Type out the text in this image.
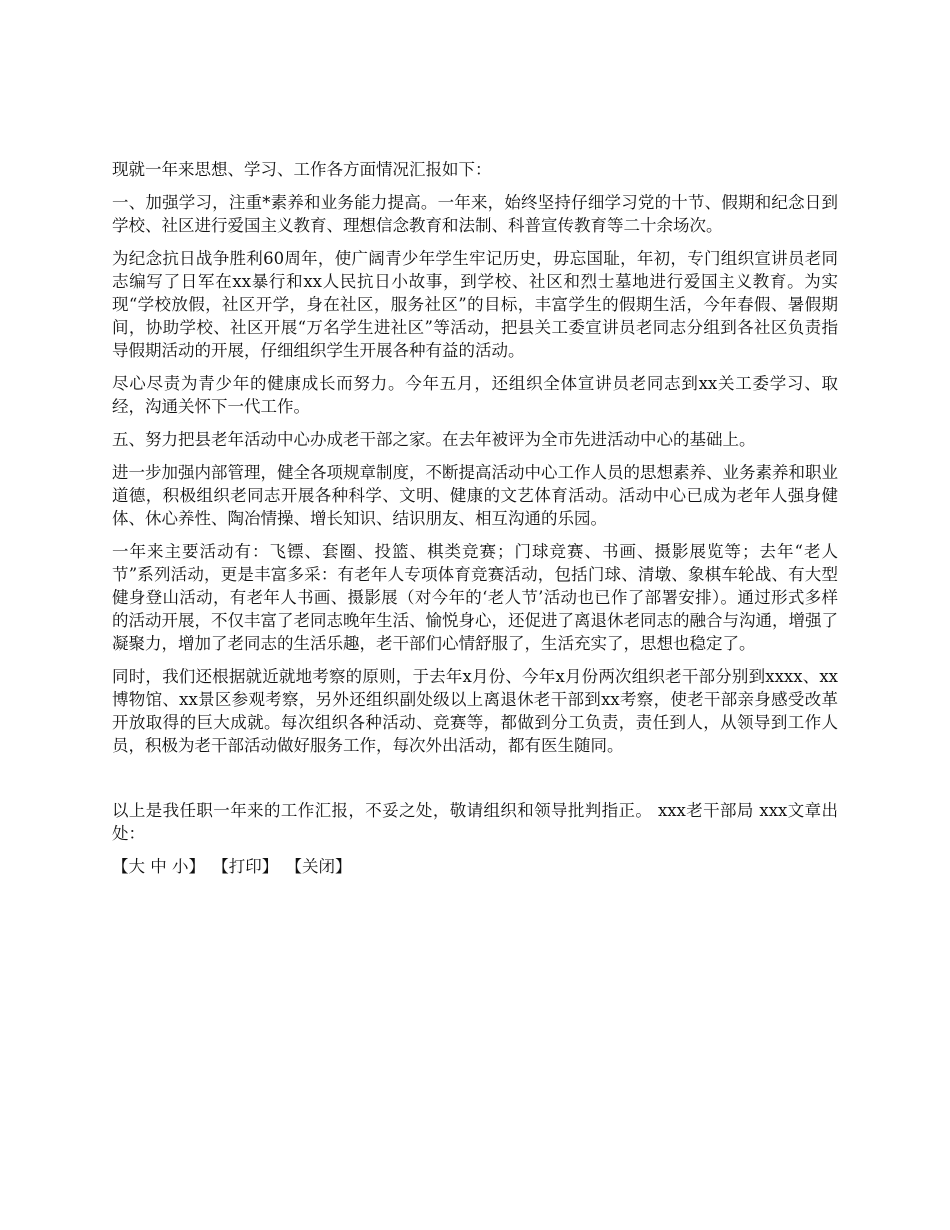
现就一年来思想、学习、工作各方面情况汇报如下：

一、加强学习，注重*素养和业务能力提高。一年来，始终坚持仔细学习党的十节、假期和纪念日到学校、社区进行爱国主义教育、理想信念教育和法制、科普宣传教育等二十余场次。

为纪念抗日战争胜利60周年，使广阔青少年学生牢记历史，毋忘国耻，年初，专门组织宣讲员老同志编写了日军在xx暴行和xx人民抗日小故事，到学校、社区和烈士墓地进行爱国主义教育。为实现“学校放假，社区开学，身在社区，服务社区”的目标，丰富学生的假期生活，今年春假、暑假期间，协助学校、社区开展“万名学生进社区”等活动，把县关工委宣讲员老同志分组到各社区负责指导假期活动的开展，仔细组织学生开展各种有益的活动。

尽心尽责为青少年的健康成长而努力。今年五月，还组织全体宣讲员老同志到xx关工委学习、取经，沟通关怀下一代工作。

五、努力把县老年活动中心办成老干部之家。在去年被评为全市先进活动中心的基础上。

进一步加强内部管理，健全各项规章制度，不断提高活动中心工作人员的思想素养、业务素养和职业道德，积极组织老同志开展各种科学、文明、健康的文艺体育活动。活动中心已成为老年人强身健体、休心养性、陶冶情操、增长知识、结识朋友、相互沟通的乐园。

一年来主要活动有：飞镖、套圈、投篮、棋类竞赛；门球竞赛、书画、摄影展览等；去年“老人节”系列活动，更是丰富多采：有老年人专项体育竞赛活动，包括门球、清墩、象棋车轮战、有大型健身登山活动，有老年人书画、摄影展（对今年的‘老人节’活动也已作了部署安排）。通过形式多样的活动开展，不仅丰富了老同志晚年生活、愉悦身心，还促进了离退休老同志的融合与沟通，增强了凝聚力，增加了老同志的生活乐趣，老干部们心情舒服了，生活充实了，思想也稳定了。

同时，我们还根据就近就地考察的原则，于去年x月份、今年x月份两次组织老干部分别到xxxx、xx博物馆、xx景区参观考察，另外还组织副处级以上离退休老干部到xx考察，使老干部亲身感受改革开放取得的巨大成就。每次组织各种活动、竞赛等，都做到分工负责，责任到人，从领导到工作人员，积极为老干部活动做好服务工作，每次外出活动，都有医生随同。

以上是我任职一年来的工作汇报，不妥之处，敬请组织和领导批判指正。 xxx老干部局 xxx文章出处：

【大 中 小】 【打印】 【关闭】
